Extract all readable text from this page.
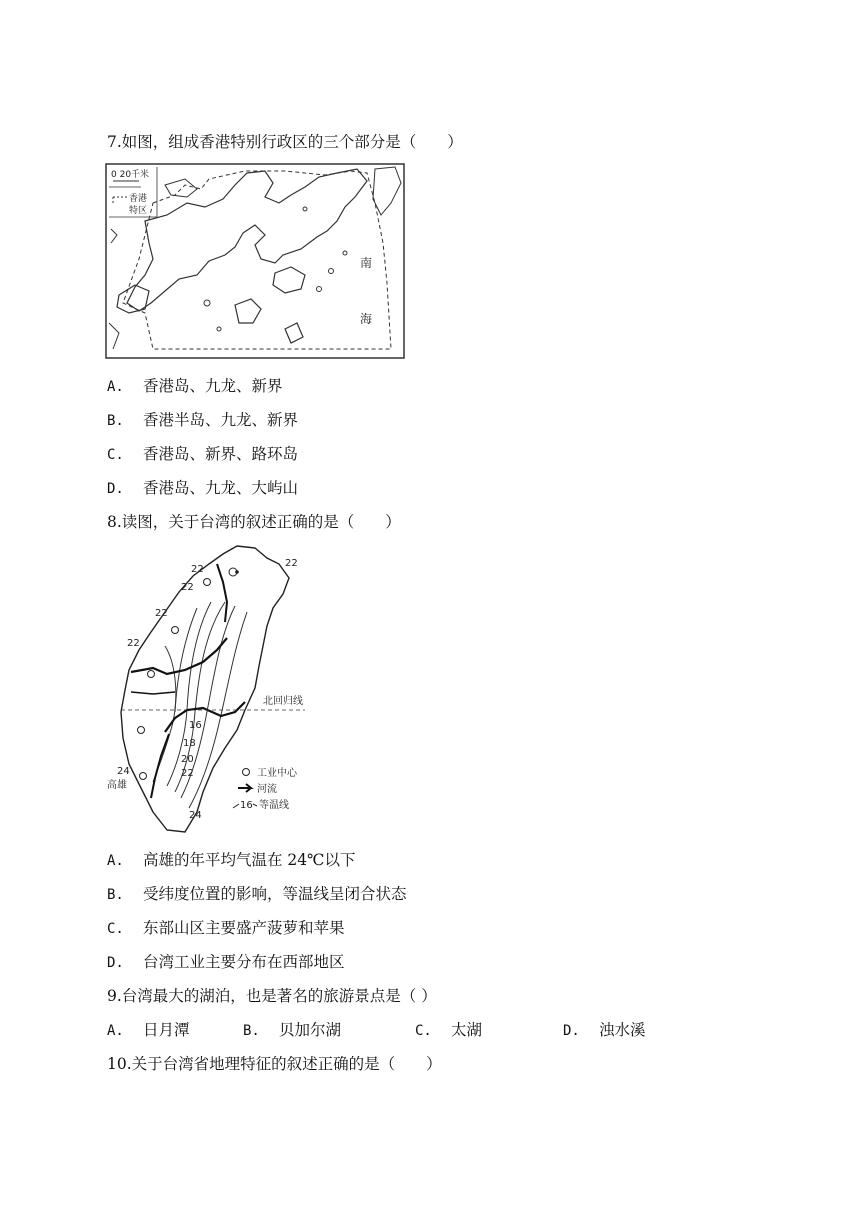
7.如图，组成香港特别行政区的三个部分是（　　）
0 20千米
香港
特区
南
海
A. 香港岛、九龙、新界
B. 香港半岛、九龙、新界
C. 香港岛、新界、路环岛
D. 香港岛、九龙、大屿山
8.读图，关于台湾的叙述正确的是（　　）
22
22
22
22
22
16
18
20
22
24
24
北回归线
高雄
工业中心
河流
16 等温线
A. 高雄的年平均气温在 24℃以下
B. 受纬度位置的影响，等温线呈闭合状态
C. 东部山区主要盛产菠萝和苹果
D. 台湾工业主要分布在西部地区
9.台湾最大的湖泊，也是著名的旅游景点是（ ）
A. 日月潭	B. 贝加尔湖	C. 太湖	D. 浊水溪
10.关于台湾省地理特征的叙述正确的是（　　）
